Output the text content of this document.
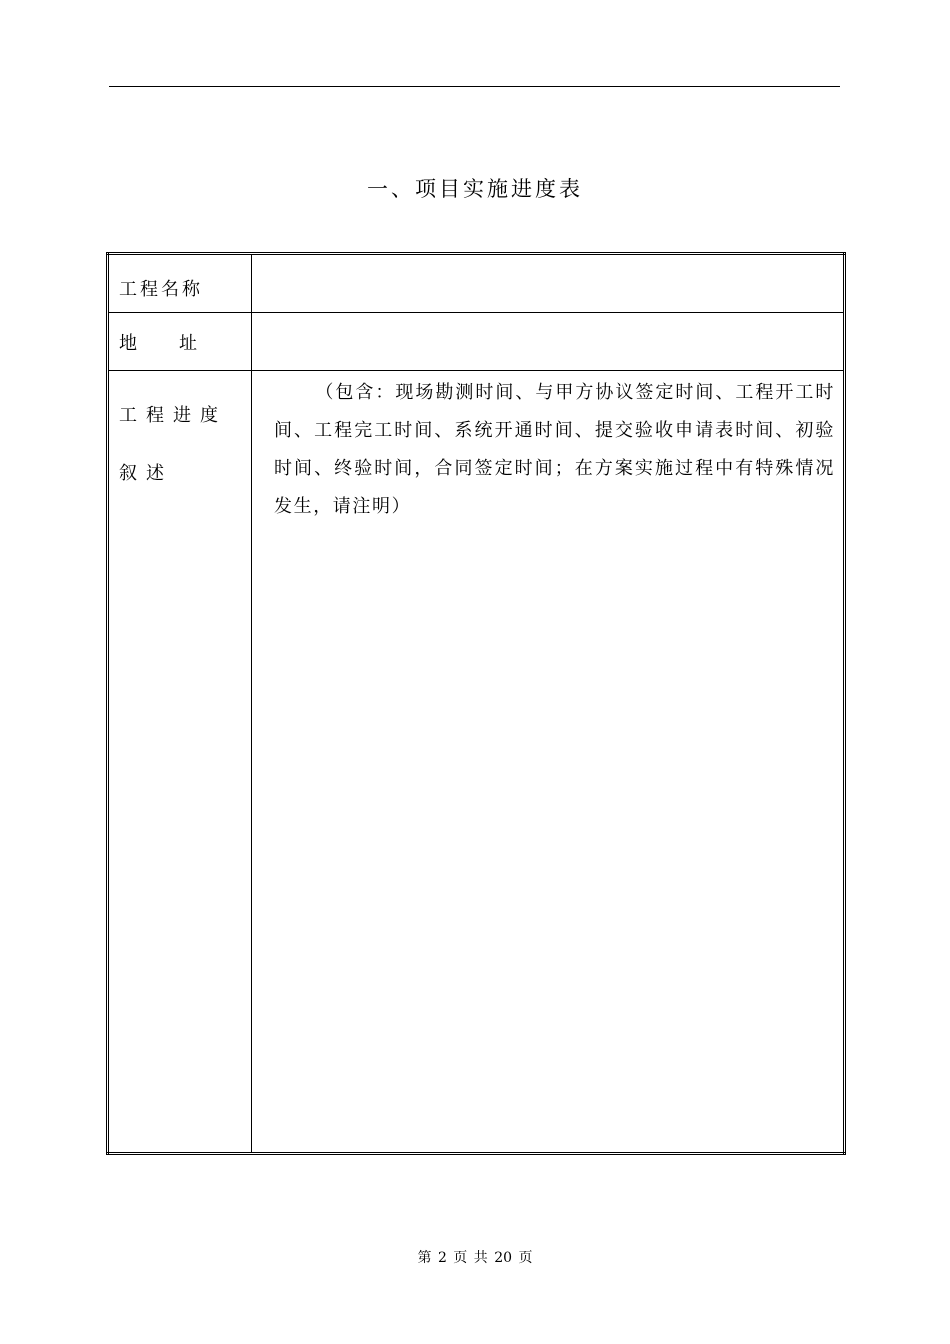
一、项目实施进度表
工程名称	
地 址	
工程进度叙述	（包含：现场勘测时间、与甲方协议签定时间、工程开工时间、工程完工时间、系统开通时间、提交验收申请表时间、初验时间、终验时间，合同签定时间；在方案实施过程中有特殊情况发生，请注明）

第 2 页 共 20 页
